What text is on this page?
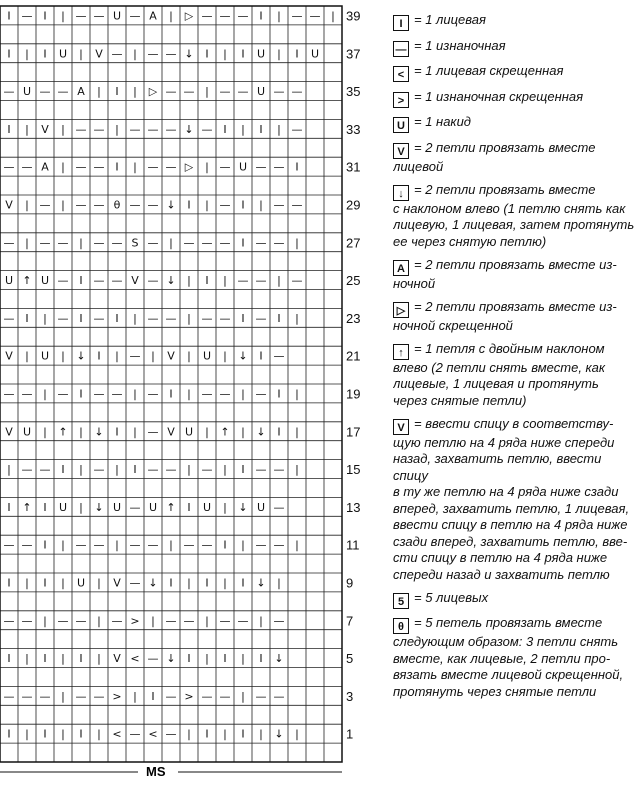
I — I | — — U — A | ▷ — — — I | — — |
I | I U | V — | — — ↓ I | I U | I U
— U — — A | I | ▷ — — | — — U — —
I | V | — — | — — — ↓ — I | I | —
— — A | — — I | — — ▷ | — U — — I
V | — | — — θ — — ↓ I | — I | — —
— | — — | — — S — | — — — I — — |
U ↑ U — I — — V — ↓ | I | — — | —
— I | — I — I | — — | — — I — I |
V | U | ↓ I | — | V | U | ↓ I —
— — | — I — — | — I | — — | — I |
V U | ↑ | ↓ I | — V U | ↑ | ↓ I |
| — — I | — | I — — | — | I — — |
I ↑ I U | ↓ U — U ↑ I U | ↓ U —
— — I | — — | — — | — — I | — — |
I | I | U | V — ↓ I | I | I ↓ |
— — | — — | — > | — — | — — | —
I | I | I | V < — ↓ I | I | I ↓
— — — | — — > | I — > — — | — —
I | I | I | < — < — | I | I | ↓ |
39
37
35
33
31
29
27
25
23
21
19
17
15
13
11
9
7
5
3
1
MS
I = 1 лицевая
— = 1 изнаночная
< = 1 лицевая скрещенная
> = 1 изнаночная скрещенная
U = 1 накид
V = 2 петли провязать вместе
лицевой
↓ = 2 петли провязать вместе
с наклоном влево (1 петлю снять как
лицевую, 1 лицевая, затем протянуть
ее через снятую петлю)
A = 2 петли провязать вместе из-
ночной
▷ = 2 петли провязать вместе из-
ночной скрещенной
↑ = 1 петля с двойным наклоном
влево (2 петли снять вместе, как
лицевые, 1 лицевая и протянуть
через снятые петли)
V = ввести спицу в соответству-
щую петлю на 4 ряда ниже спереди
назад, захватить петлю, ввести спицу
в ту же петлю на 4 ряда ниже сзади
вперед, захватить петлю, 1 лицевая,
ввести спицу в петлю на 4 ряда ниже
сзади вперед, захватить петлю, вве-
сти спицу в петлю на 4 ряда ниже
спереди назад и захватить петлю
5 = 5 лицевых
θ = 5 петель провязать вместе
следующим образом: 3 петли снять
вместе, как лицевые, 2 петли про-
вязать вместе лицевой скрещенной,
протянуть через снятые петли
